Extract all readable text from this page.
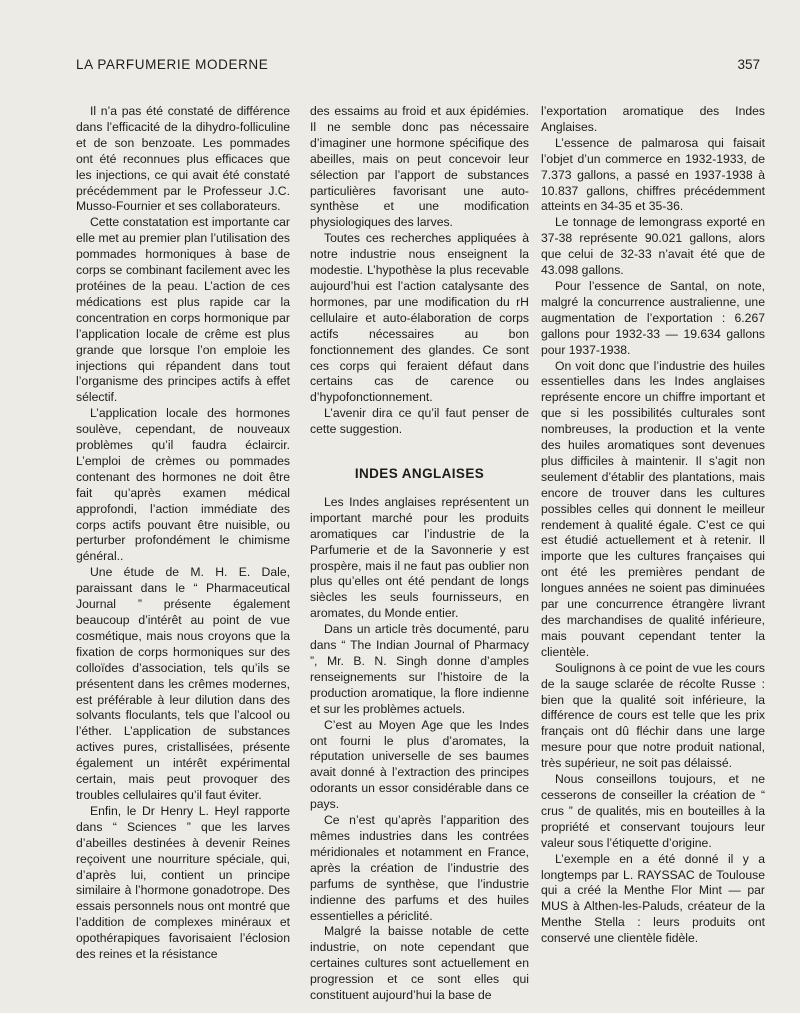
LA PARFUMERIE MODERNE	357

Il n’a pas été constaté de différence dans l’efficacité de la dihydro-folliculine et de son benzoate. Les pommades ont été reconnues plus efficaces que les injections, ce qui avait été constaté précédemment par le Professeur J.C. Musso-Fournier et ses collaborateurs.

Cette constatation est importante car elle met au premier plan l’utilisation des pommades hormoniques à base de corps se combinant facilement avec les protéines de la peau. L’action de ces médications est plus rapide car la concentration en corps hormonique par l’application locale de crême est plus grande que lorsque l’on emploie les injections qui répandent dans tout l’organisme des principes actifs à effet sélectif.

L’application locale des hormones soulève, cependant, de nouveaux problèmes qu’il faudra éclaircir. L’emploi de crèmes ou pommades contenant des hormones ne doit être fait qu’après examen médical approfondi, l’action immédiate des corps actifs pouvant être nuisible, ou perturber profondément le chimisme général..

Une étude de M. H. E. Dale, paraissant dans le “ Pharmaceutical Journal ” présente également beaucoup d’intérêt au point de vue cosmétique, mais nous croyons que la fixation de corps hormoniques sur des colloïdes d’association, tels qu’ils se présentent dans les crêmes modernes, est préférable à leur dilution dans des solvants floculants, tels que l’alcool ou l’éther. L’application de substances actives pures, cristallisées, présente également un intérêt expérimental certain, mais peut provoquer des troubles cellulaires qu’il faut éviter.

Enfin, le Dr Henry L. Heyl rapporte dans “ Sciences ” que les larves d’abeilles destinées à devenir Reines reçoivent une nourriture spéciale, qui, d’après lui, contient un principe similaire à l’hormone gonadotrope. Des essais personnels nous ont montré que l’addition de complexes minéraux et opothérapiques favorisaient l’éclosion des reines et la résistance

des essaims au froid et aux épidémies. Il ne semble donc pas nécessaire d’imaginer une hormone spécifique des abeilles, mais on peut concevoir leur sélection par l’apport de substances particulières favorisant une auto-synthèse et une modification physiologiques des larves.

Toutes ces recherches appliquées à notre industrie nous enseignent la modestie. L’hypothèse la plus recevable aujourd’hui est l’action catalysante des hormones, par une modification du rH cellulaire et auto-élaboration de corps actifs nécessaires au bon fonctionnement des glandes. Ce sont ces corps qui feraient défaut dans certains cas de carence ou d’hypofonctionnement.

L’avenir dira ce qu’il faut penser de cette suggestion.

INDES ANGLAISES

Les Indes anglaises représentent un important marché pour les produits aromatiques car l’industrie de la Parfumerie et de la Savonnerie y est prospère, mais il ne faut pas oublier non plus qu’elles ont été pendant de longs siècles les seuls fournisseurs, en aromates, du Monde entier.

Dans un article très documenté, paru dans “ The Indian Journal of Pharmacy ”, Mr. B. N. Singh donne d’amples renseignements sur l’histoire de la production aromatique, la flore indienne et sur les problèmes actuels.

C’est au Moyen Age que les Indes ont fourni le plus d’aromates, la réputation universelle de ses baumes avait donné à l’extraction des principes odorants un essor considérable dans ce pays.

Ce n’est qu’après l’apparition des mêmes industries dans les contrées méridionales et notamment en France, après la création de l’industrie des parfums de synthèse, que l’industrie indienne des parfums et des huiles essentielles a périclité.

Malgré la baisse notable de cette industrie, on note cependant que certaines cultures sont actuellement en progression et ce sont elles qui constituent aujourd’hui la base de

l’exportation aromatique des Indes Anglaises.

L’essence de palmarosa qui faisait l’objet d’un commerce en 1932-1933, de 7.373 gallons, a passé en 1937-1938 à 10.837 gallons, chiffres précédemment atteints en 34-35 et 35-36.

Le tonnage de lemongrass exporté en 37-38 représente 90.021 gallons, alors que celui de 32-33 n’avait été que de 43.098 gallons.

Pour l’essence de Santal, on note, malgré la concurrence australienne, une augmentation de l’exportation : 6.267 gallons pour 1932-33 — 19.634 gallons pour 1937-1938.

On voit donc que l’industrie des huiles essentielles dans les Indes anglaises représente encore un chiffre important et que si les possibilités culturales sont nombreuses, la production et la vente des huiles aromatiques sont devenues plus difficiles à maintenir. Il s’agit non seulement d’établir des plantations, mais encore de trouver dans les cultures possibles celles qui donnent le meilleur rendement à qualité égale. C’est ce qui est étudié actuellement et à retenir. Il importe que les cultures françaises qui ont été les premières pendant de longues années ne soient pas diminuées par une concurrence étrangère livrant des marchandises de qualité inférieure, mais pouvant cependant tenter la clientèle.

Soulignons à ce point de vue les cours de la sauge sclarée de récolte Russe : bien que la qualité soit inférieure, la différence de cours est telle que les prix français ont dû fléchir dans une large mesure pour que notre produit national, très supérieur, ne soit pas délaissé.

Nous conseillons toujours, et ne cesserons de conseiller la création de “ crus ” de qualités, mis en bouteilles à la propriété et conservant toujours leur valeur sous l’étiquette d’origine.

L’exemple en a été donné il y a longtemps par L. RAYSSAC de Toulouse qui a créé la Menthe Flor Mint — par MUS à Althen-les-Paluds, créateur de la Menthe Stella : leurs produits ont conservé une clientèle fidèle.
